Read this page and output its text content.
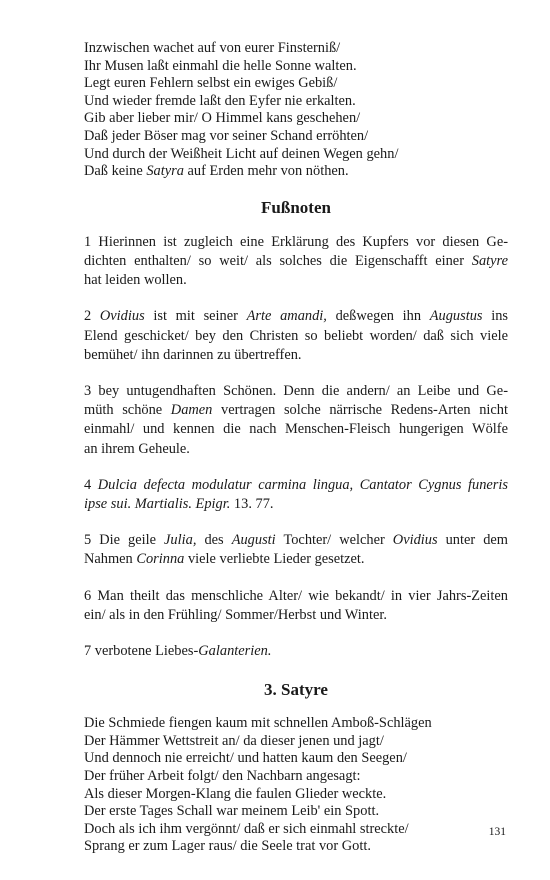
Inzwischen wachet auf von eurer Finsterniß/
Ihr Musen laßt einmahl die helle Sonne walten.
Legt euren Fehlern selbst ein ewiges Gebiß/
Und wieder fremde laßt den Eyfer nie erkalten.
Gib aber lieber mir/ O Himmel kans geschehen/
Daß jeder Böser mag vor seiner Schand erröhten/
Und durch der Weißheit Licht auf deinen Wegen gehn/
Daß keine Satyra auf Erden mehr von nöthen.
Fußnoten
1 Hierinnen ist zugleich eine Erklärung des Kupfers vor diesen Ge-
dichten enthalten/ so weit/ als solches die Eigenschafft einer Satyre
hat leiden wollen.
2 Ovidius ist mit seiner Arte amandi, deßwegen ihn Augustus ins
Elend geschicket/ bey den Christen so beliebt worden/ daß sich viele
bemühet/ ihn darinnen zu übertreffen.
3 bey untugendhaften Schönen. Denn die andern/ an Leibe und Ge-
müth schöne Damen vertragen solche närrische Redens-Arten nicht
einmahl/ und kennen die nach Menschen-Fleisch hungerigen Wölfe
an ihrem Geheule.
4 Dulcia defecta modulatur carmina lingua, Cantator Cygnus funeris
ipse sui. Martialis. Epigr. 13. 77.
5 Die geile Julia, des Augusti Tochter/ welcher Ovidius unter dem
Nahmen Corinna viele verliebte Lieder gesetzet.
6 Man theilt das menschliche Alter/ wie bekandt/ in vier Jahrs-Zeiten
ein/ als in den Frühling/ Sommer/Herbst und Winter.
7 verbotene Liebes-Galanterien.
3. Satyre
Die Schmiede fiengen kaum mit schnellen Amboß-Schlägen
Der Hämmer Wettstreit an/ da dieser jenen und jagt/
Und dennoch nie erreicht/ und hatten kaum den Seegen/
Der früher Arbeit folgt/ den Nachbarn angesagt:
Als dieser Morgen-Klang die faulen Glieder weckte.
Der erste Tages Schall war meinem Leib' ein Spott.
Doch als ich ihm vergönnt/ daß er sich einmahl streckte/
Sprang er zum Lager raus/ die Seele trat vor Gott.
131
